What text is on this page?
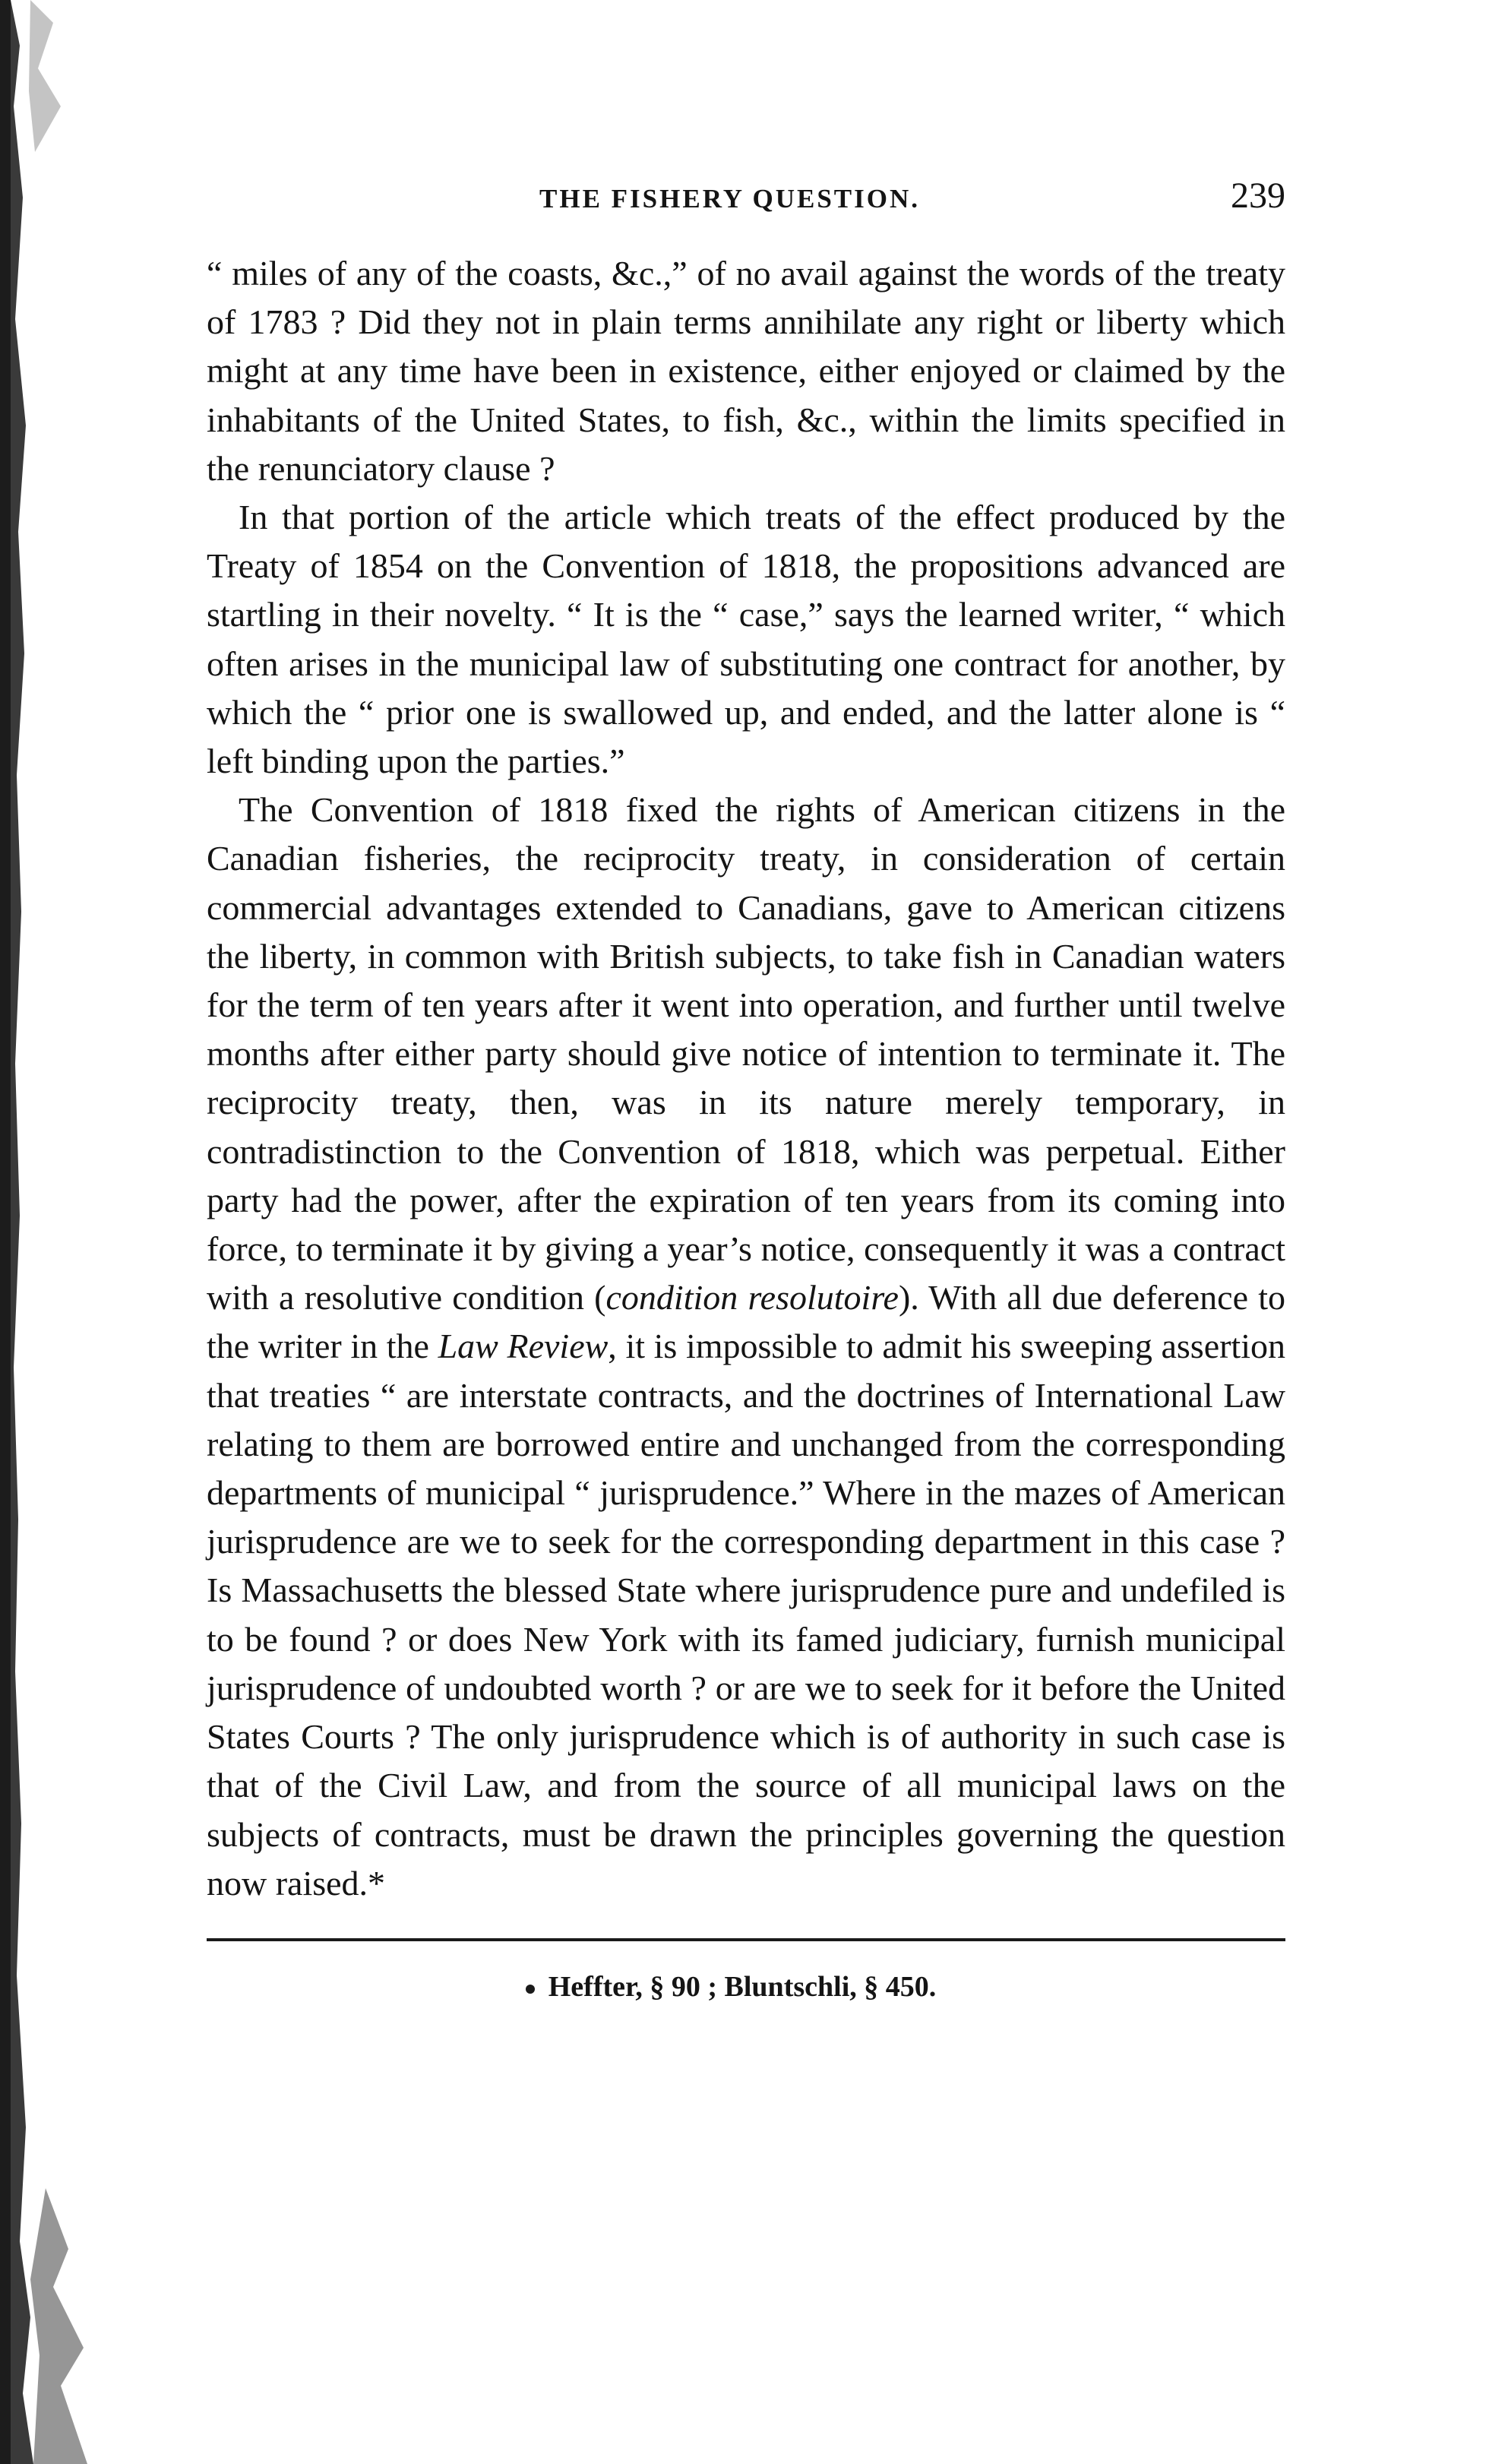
THE FISHERY QUESTION.	239

“ miles of any of the coasts, &c.,” of no avail against the words of the treaty of 1783 ? Did they not in plain terms annihilate any right or liberty which might at any time have been in existence, either enjoyed or claimed by the inhabitants of the United States, to fish, &c., within the limits specified in the renunciatory clause ?

In that portion of the article which treats of the effect produced by the Treaty of 1854 on the Convention of 1818, the propositions advanced are startling in their novelty. “ It is the “ case,” says the learned writer, “ which often arises in the municipal law of substituting one contract for another, by which the “ prior one is swallowed up, and ended, and the latter alone is “ left binding upon the parties.”

The Convention of 1818 fixed the rights of American citizens in the Canadian fisheries, the reciprocity treaty, in consideration of certain commercial advantages extended to Canadians, gave to American citizens the liberty, in common with British subjects, to take fish in Canadian waters for the term of ten years after it went into operation, and further until twelve months after either party should give notice of intention to terminate it. The reciprocity treaty, then, was in its nature merely temporary, in contradistinction to the Convention of 1818, which was perpetual. Either party had the power, after the expiration of ten years from its coming into force, to terminate it by giving a year’s notice, consequently it was a contract with a resolutive condition (condition resolutoire). With all due deference to the writer in the Law Review, it is impossible to admit his sweeping assertion that treaties “ are interstate contracts, and the doctrines of International Law relating to them are borrowed entire and unchanged from the corresponding departments of municipal “ jurisprudence.” Where in the mazes of American jurisprudence are we to seek for the corresponding department in this case ? Is Massachusetts the blessed State where jurisprudence pure and undefiled is to be found ? or does New York with its famed judiciary, furnish municipal jurisprudence of undoubted worth ? or are we to seek for it before the United States Courts ? The only jurisprudence which is of authority in such case is that of the Civil Law, and from the source of all municipal laws on the subjects of contracts, must be drawn the principles governing the question now raised.*

Heffter, § 90 ; Bluntschli, § 450.
